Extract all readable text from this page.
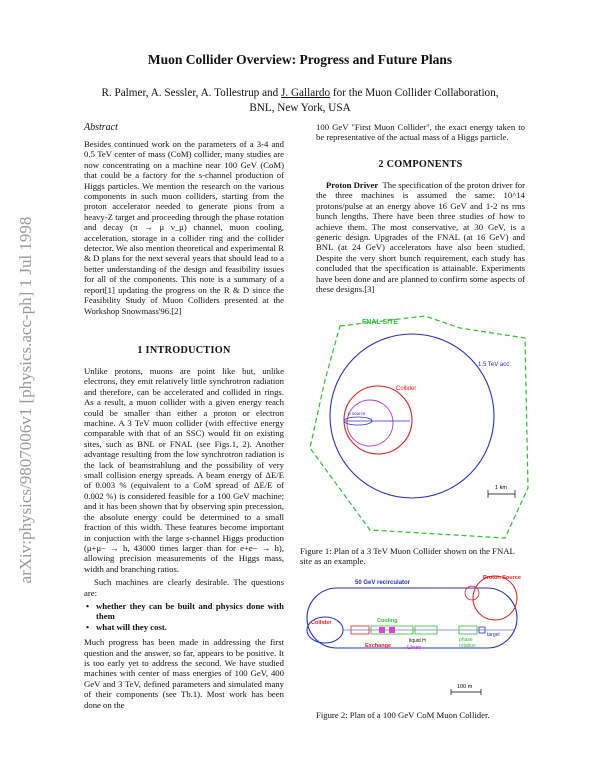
Muon Collider Overview: Progress and Future Plans
R. Palmer, A. Sessler, A. Tollestrup and J. Gallardo for the Muon Collider Collaboration,
BNL, New York, USA
arXiv:physics/9807006v1 [physics.acc-ph] 1 Jul 1998
Abstract

Besides continued work on the parameters of a 3-4 and 0.5 TeV center of mass (CoM) collider, many studies are now concentrating on a machine near 100 GeV (CoM) that could be a factory for the s-channel production of Higgs particles. We mention the research on the various components in such muon colliders, starting from the proton accelerator needed to generate pions from a heavy-Z target and proceeding through the phase rotation and decay (π → μ ν_μ) channel, muon cooling, acceleration, storage in a collider ring and the collider detector. We also mention theoretical and experimental R & D plans for the next several years that should lead to a better understanding of the design and feasibility issues for all of the components. This note is a summary of a report[1] updating the progress on the R & D since the Feasibility Study of Muon Colliders presented at the Workshop Snowmass'96.[2]

1 INTRODUCTION

Unlike protons, muons are point like but, unlike electrons, they emit relatively little synchrotron radiation and therefore, can be accelerated and collided in rings. As a result, a muon collider with a given energy reach could be smaller than either a proton or electron machine. A 3 TeV muon collider (with effective energy comparable with that of an SSC) would fit on existing sites, such as BNL or FNAL (see Figs.1, 2). Another advantage resulting from the low synchrotron radiation is the lack of beamstrahlung and the possibility of very small collision energy spreads. A beam energy of ΔE/E of 0.003 % (equivalent to a CoM spread of ΔE/E of 0.002 %) is considered feasible for a 100 GeV machine; and it has been shown that by observing spin precession, the absolute energy could be determined to a small fraction of this width. These features become important in conjuction with the large s-channel Higgs production (μ+μ− → h, 43000 times larger than for e+e− → h), allowing precision measurements of the Higgs mass, width and branching ratios.

Such machines are clearly desirable. The questions are:

• whether they can be built and physics done with them
• what will they cost.

Much progress has been made in addressing the first question and the answer, so far, appears to be positive. It is too early yet to address the second. We have studied machines with center of mass energies of 100 GeV, 400 GeV and 3 TeV, defined parameters and simulated many of their components (see Tb.1). Most work has been done on the

100 GeV "First Muon Collider", the exact energy taken to be representative of the actual mass of a Higgs particle.

2 COMPONENTS

Proton Driver The specification of the proton driver for the three machines is assumed the same: 10^14 protons/pulse at an energy above 16 GeV and 1-2 ns rms bunch lengths. There have been three studies of how to achieve them. The most conservative, at 30 GeV, is a generic design. Upgrades of the FNAL (at 16 GeV) and BNL (at 24 GeV) accelerators have also been studied. Despite the very short bunch requirement, each study has concluded that the specification is attainable. Experiments have been done and are planned to confirm some aspects of these designs.[3]

FNAL SITE
1.5 TeV acc
Collider
μ source
1 km
Figure 1: Plan of a 3 TeV Muon Collider shown on the FNAL site as an example.
50 GeV recirculator
Proton Source
Collider	Cooling
liquid H
Exchange	Linac
phase
rotation
target
100 m
Figure 2: Plan of a 100 GeV CoM Muon Collider.
